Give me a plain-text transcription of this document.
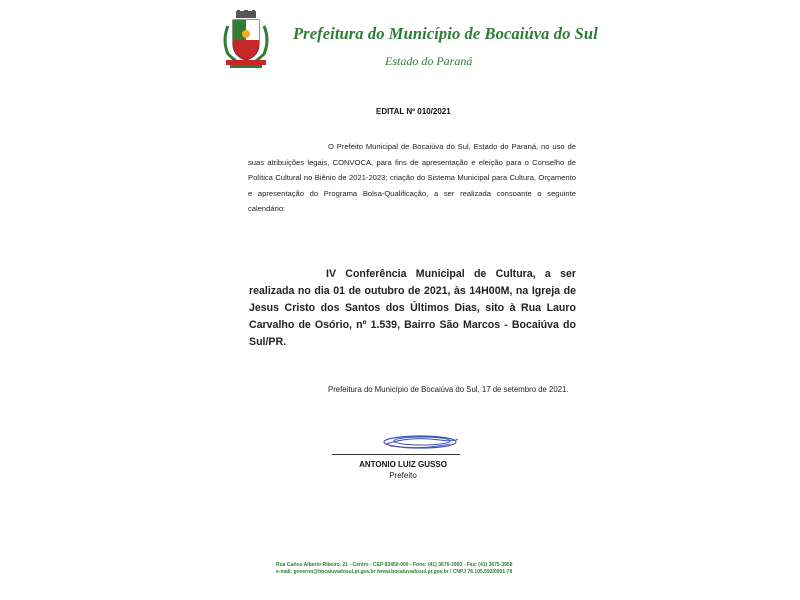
Prefeitura do Município de Bocaiúva do Sul
Estado do Paraná
EDITAL Nº 010/2021

O Prefeito Municipal de Bocaiúva do Sul, Estado do Paraná, no uso de suas atribuições legais, CONVOCA, para fins de apresentação e eleição para o Conselho de Política Cultural no Biênio de 2021-2023; criação do Sistema Municipal para Cultura, Orçamento e apresentação do Programa Bolsa-Qualificação, a ser realizada consoante o seguinte calendário:

IV Conferência Municipal de Cultura, a ser realizada no dia 01 de outubro de 2021, às 14H00M, na Igreja de Jesus Cristo dos Santos dos Últimos Dias, sito à Rua Lauro Carvalho de Osório, nº 1.539, Bairro São Marcos - Bocaiúva do Sul/PR.

Prefeitura do Município de Bocaiúva do Sul, 17 de setembro de 2021.
ANTONIO LUIZ GUSSO
Prefeito
Rua Carlos Alberto Ribeiro, 21 - Centro - CEP 83450-000 - Fone: (41) 3675-3950 - Fax: (41) 3675-3958
e-mail: governo@bocaiuvadosul.pr.gov.br /www.bocaiuvadosul.pr.gov.br / CNPJ 76.105.592/0001-78
